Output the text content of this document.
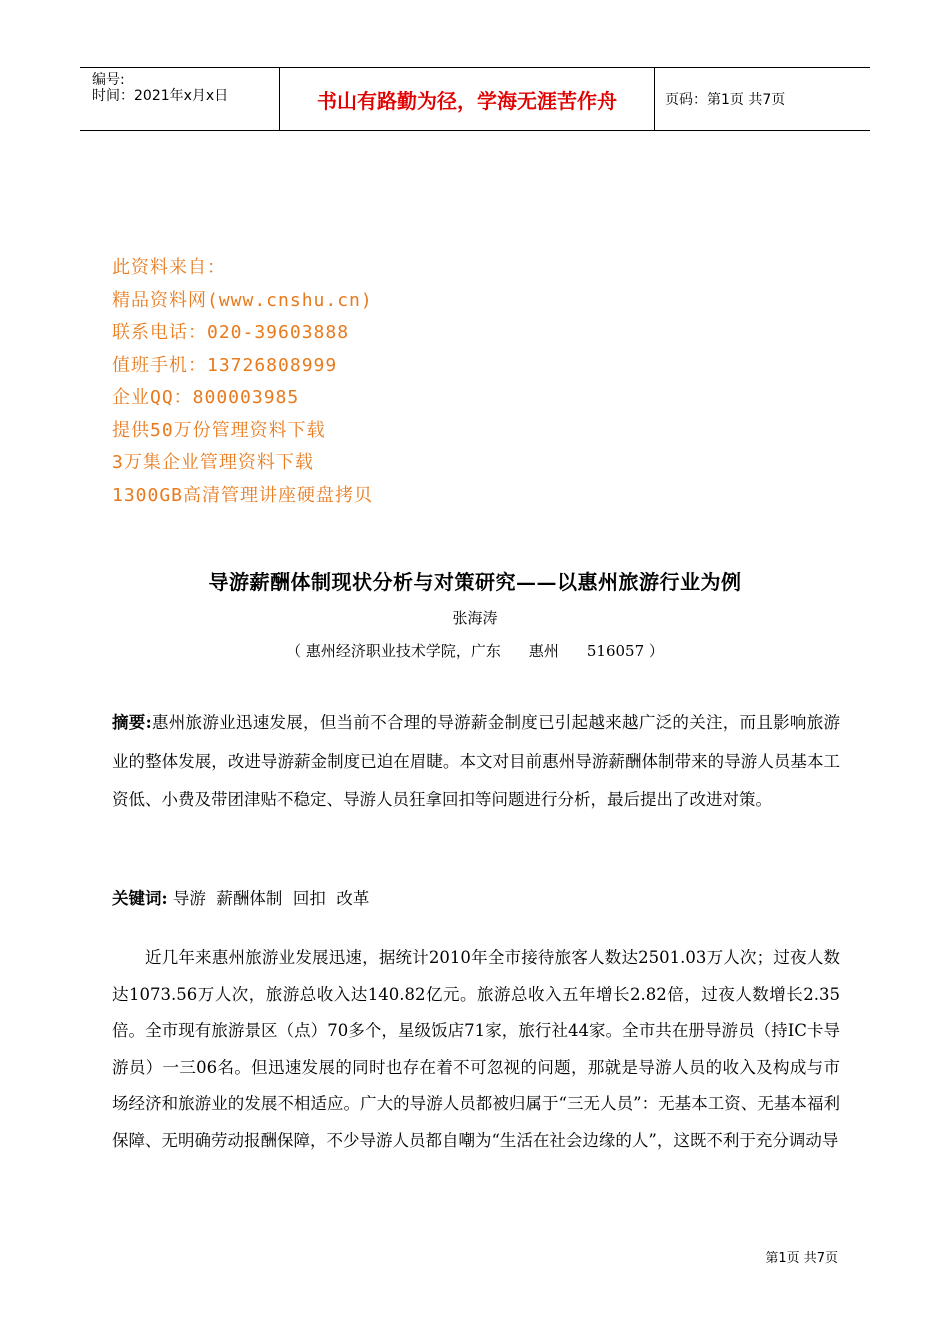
编号:
时间：2021年x月x日	书山有路勤为径，学海无涯苦作舟	页码：第1页 共7页
此资料来自：
精品资料网(www.cnshu.cn)
联系电话：020-39603888
值班手机：13726808999
企业QQ：800003985
提供50万份管理资料下载
3万集企业管理资料下载
1300GB高清管理讲座硬盘拷贝
导游薪酬体制现状分析与对策研究——以惠州旅游行业为例
张海涛
（ 惠州经济职业技术学院，广东 惠州 516057 ）
摘要:惠州旅游业迅速发展，但当前不合理的导游薪金制度已引起越来越广泛的关注，而且影响旅游业的整体发展，改进导游薪金制度已迫在眉睫。本文对目前惠州导游薪酬体制带来的导游人员基本工资低、小费及带团津贴不稳定、导游人员狂拿回扣等问题进行分析，最后提出了改进对策。
关键词: 导游  薪酬体制  回扣  改革
近几年来惠州旅游业发展迅速，据统计2010年全市接待旅客人数达2501.03万人次；过夜人数达1073.56万人次，旅游总收入达140.82亿元。旅游总收入五年增长2.82倍，过夜人数增长2.35倍。全市现有旅游景区（点）70多个，星级饭店71家，旅行社44家。全市共在册导游员（持IC卡导游员）一三06名。但迅速发展的同时也存在着不可忽视的问题，那就是导游人员的收入及构成与市场经济和旅游业的发展不相适应。广大的导游人员都被归属于“三无人员”：无基本工资、无基本福利保障、无明确劳动报酬保障，不少导游人员都自嘲为“生活在社会边缘的人”，这既不利于充分调动导
第1页 共7页
